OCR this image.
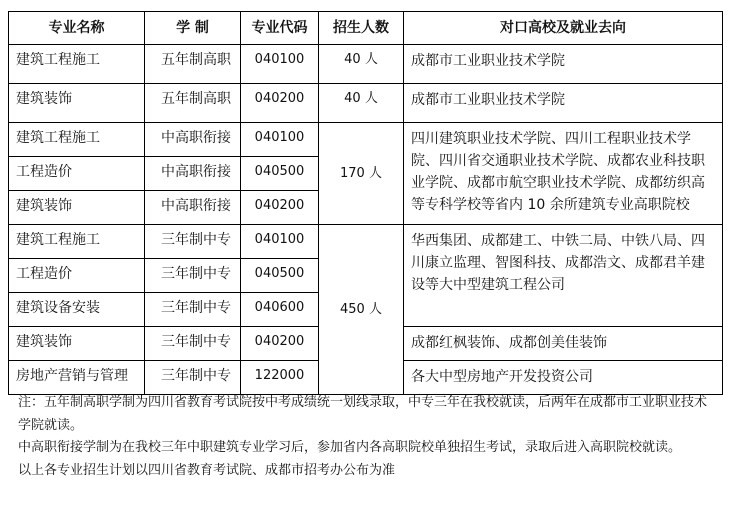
专业名称	学 制	专业代码	招生人数	对口高校及就业去向

建筑工程施工	五年制高职	040100	40 人	成都市工业职业技术学院

建筑装饰	五年制高职	040200	40 人	成都市工业职业技术学院

建筑工程施工	中高职衔接	040100	170 人	四川建筑职业技术学院、四川工程职业技术学院、四川省交通职业技术学院、成都农业科技职业学院、成都市航空职业技术学院、成都纺织高等专科学校等省内 10 余所建筑专业高职院校

工程造价	中高职衔接	040500		

建筑装饰	中高职衔接	040200		

建筑工程施工	三年制中专	040100	450 人	华西集团、成都建工、中铁二局、中铁八局、四川康立监理、智图科技、成都浩文、成都君羊建设等大中型建筑工程公司

工程造价	三年制中专	040500		

建筑设备安装	三年制中专	040600		

建筑装饰	三年制中专	040200		成都红枫装饰、成都创美佳装饰

房地产营销与管理	三年制中专	122000		各大中型房地产开发投资公司

注：五年制高职学制为四川省教育考试院按中考成绩统一划线录取，中专三年在我校就读，后两年在成都市工业职业技术学院就读。

中高职衔接学制为在我校三年中职建筑专业学习后，参加省内各高职院校单独招生考试，录取后进入高职院校就读。

以上各专业招生计划以四川省教育考试院、成都市招考办公布为准
